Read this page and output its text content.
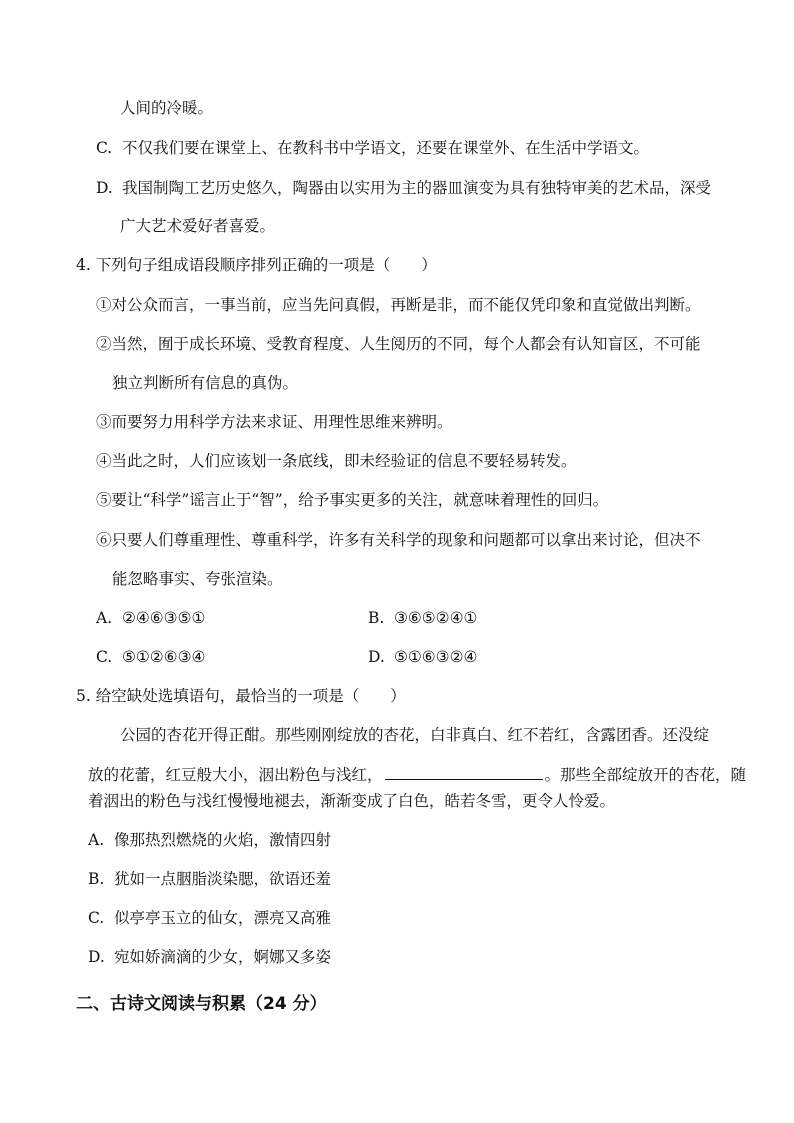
人间的冷暖。
C. 不仅我们要在课堂上、在教科书中学语文，还要在课堂外、在生活中学语文。
D. 我国制陶工艺历史悠久，陶器由以实用为主的器皿演变为具有独特审美的艺术品，深受
广大艺术爱好者喜爱。
4. 下列句子组成语段顺序排列正确的一项是（　　）
①对公众而言，一事当前，应当先问真假，再断是非，而不能仅凭印象和直觉做出判断。
②当然，囿于成长环境、受教育程度、人生阅历的不同，每个人都会有认知盲区，不可能
独立判断所有信息的真伪。
③而要努力用科学方法来求证、用理性思维来辨明。
④当此之时，人们应该划一条底线，即未经验证的信息不要轻易转发。
⑤要让“科学”谣言止于“智”，给予事实更多的关注，就意味着理性的回归。
⑥只要人们尊重理性、尊重科学，许多有关科学的现象和问题都可以拿出来讨论，但决不
能忽略事实、夸张渲染。
A. ②④⑥③⑤①	B. ③⑥⑤②④①
C. ⑤①②⑥③④	D. ⑤①⑥③②④
5. 给空缺处选填语句，最恰当的一项是（　　）
公园的杏花开得正酣。那些刚刚绽放的杏花，白非真白、红不若红，含露团香。还没绽
放的花蕾，红豆般大小，洇出粉色与浅红，	。那些全部绽放开的杏花，随
着洇出的粉色与浅红慢慢地褪去，渐渐变成了白色，皓若冬雪，更令人怜爱。
A. 像那热烈燃烧的火焰，激情四射
B. 犹如一点胭脂淡染腮，欲语还羞
C. 似亭亭玉立的仙女，漂亮又高雅
D. 宛如娇滴滴的少女，婀娜又多姿
二、古诗文阅读与积累（24 分）
